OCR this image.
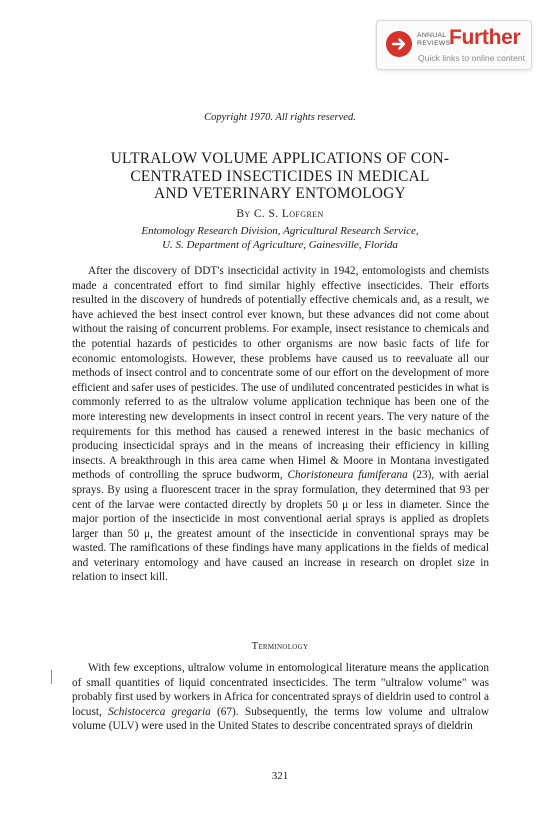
ANNUAL
REVIEWS
Further
Quick links to online content
Copyright 1970. All rights reserved.
ULTRALOW VOLUME APPLICATIONS OF CON-
CENTRATED INSECTICIDES IN MEDICAL
AND VETERINARY ENTOMOLOGY
By C. S. Lofgren
Entomology Research Division, Agricultural Research Service,
U. S. Department of Agriculture, Gainesville, Florida

After the discovery of DDT's insecticidal activity in 1942, entomologists and chemists made a concentrated effort to find similar highly effective insecticides. Their efforts resulted in the discovery of hundreds of potentially effective chemicals and, as a result, we have achieved the best insect control ever known, but these advances did not come about without the raising of concurrent problems. For example, insect resistance to chemicals and the potential hazards of pesticides to other organisms are now basic facts of life for economic entomologists. However, these problems have caused us to reevaluate all our methods of insect control and to concentrate some of our effort on the development of more efficient and safer uses of pesticides. The use of undiluted concentrated pesticides in what is commonly referred to as the ultralow volume application technique has been one of the more interesting new developments in insect control in recent years. The very nature of the requirements for this method has caused a renewed interest in the basic mechanics of producing insecticidal sprays and in the means of increasing their efficiency in killing insects. A breakthrough in this area came when Himel & Moore in Montana investigated methods of controlling the spruce budworm, Choristoneura fumiferana (23), with aerial sprays. By using a fluorescent tracer in the spray formulation, they determined that 93 per cent of the larvae were contacted directly by droplets 50 μ or less in diameter. Since the major portion of the insecticide in most conventional aerial sprays is applied as droplets larger than 50 μ, the greatest amount of the insecticide in conventional sprays may be wasted. The ramifications of these findings have many applications in the fields of medical and veterinary entomology and have caused an increase in research on droplet size in relation to insect kill.

Terminology

With few exceptions, ultralow volume in entomological literature means the application of small quantities of liquid concentrated insecticides. The term "ultralow volume" was probably first used by workers in Africa for concentrated sprays of dieldrin used to control a locust, Schistocerca gregaria (67). Subsequently, the terms low volume and ultralow volume (ULV) were used in the United States to describe concentrated sprays of dieldrin

321
